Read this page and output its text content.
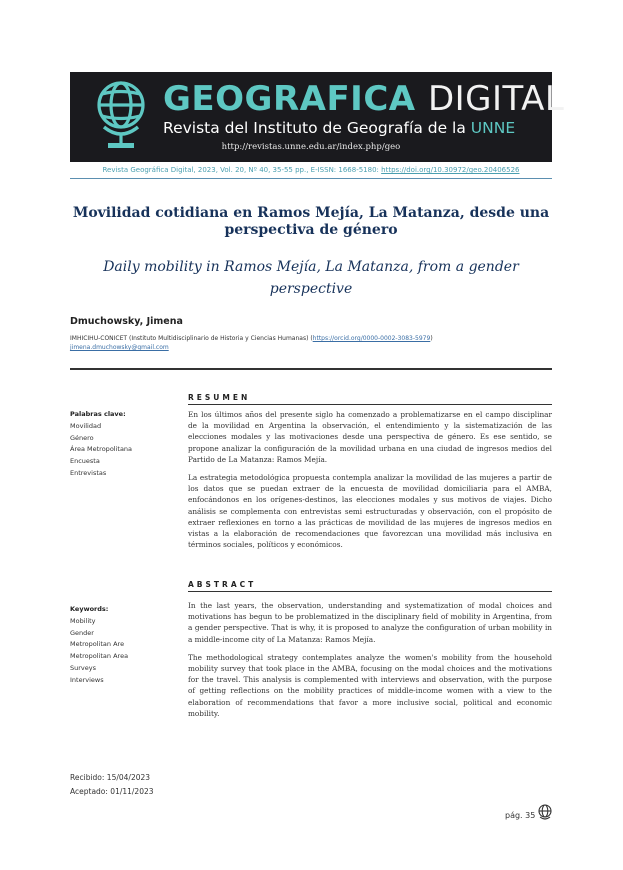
GEOGRAFICA DIGITAL
Revista del Instituto de Geografía de la UNNE
http://revistas.unne.edu.ar/index.php/geo
Revista Geográfica Digital, 2023, Vol. 20, Nº 40, 35-55 pp., E-ISSN: 1668-5180: https://doi.org/10.30972/geo.20406526
Movilidad cotidiana en Ramos Mejía, La Matanza, desde una perspectiva de género
Daily mobility in Ramos Mejía, La Matanza, from a gender perspective
Dmuchowsky, Jimena
IMHICIHU-CONICET (Instituto Multidisciplinario de Historia y Ciencias Humanas) (https://orcid.org/0000-0002-3083-5979)
jimena.dmuchowsky@gmail.com
RESUMEN
Palabras clave:
Movilidad
Género
Área Metropolitana
Encuesta
Entrevistas

En los últimos años del presente siglo ha comenzado a problematizarse en el campo disciplinar de la movilidad en Argentina la observación, el entendimiento y la sistematización de las elecciones modales y las motivaciones desde una perspectiva de género. Es ese sentido, se propone analizar la configuración de la movilidad urbana en una ciudad de ingresos medios del Partido de La Matanza: Ramos Mejía.

La estrategia metodológica propuesta contempla analizar la movilidad de las mujeres a partir de los datos que se puedan extraer de la encuesta de movilidad domiciliaria para el AMBA, enfocándonos en los orígenes-destinos, las elecciones modales y sus motivos de viajes. Dicho análisis se complementa con entrevistas semi estructuradas y observación, con el propósito de extraer reflexiones en torno a las prácticas de movilidad de las mujeres de ingresos medios en vistas a la elaboración de recomendaciones que favorezcan una movilidad más inclusiva en términos sociales, políticos y económicos.

ABSTRACT
Keywords:
Mobility
Gender
Metropolitan Are
Metropolitan Area
Surveys
Interviews

In the last years, the observation, understanding and systematization of modal choices and motivations has begun to be problematized in the disciplinary field of mobility in Argentina, from a gender perspective. That is why, it is proposed to analyze the configuration of urban mobility in a middle-income city of La Matanza: Ramos Mejía.

The methodological strategy contemplates analyze the women's mobility from the household mobility survey that took place in the AMBA, focusing on the modal choices and the motivations for the travel. This analysis is complemented with interviews and observation, with the purpose of getting reflections on the mobility practices of middle-income women with a view to the elaboration of recommendations that favor a more inclusive social, political and economic mobility.

Recibido: 15/04/2023
Aceptado: 01/11/2023
pág. 35
